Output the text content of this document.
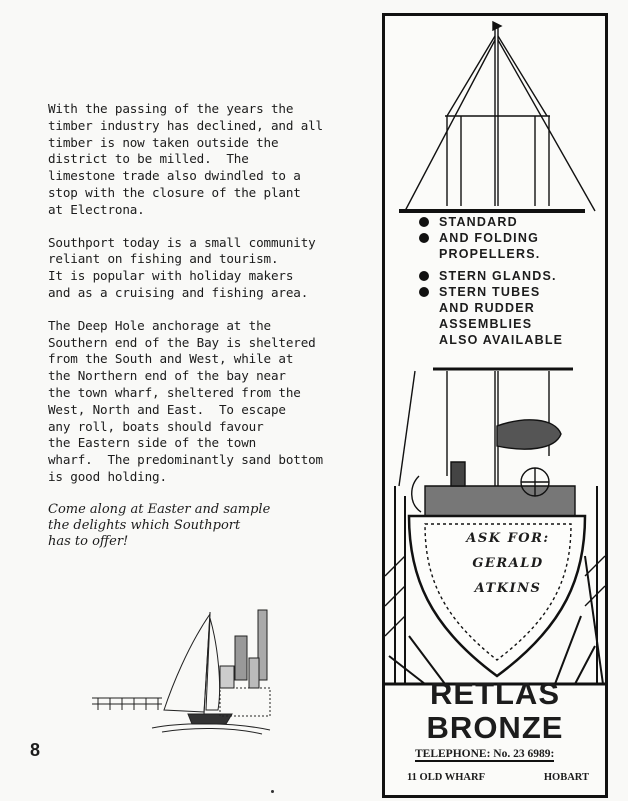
With the passing of the years the
timber industry has declined, and all
timber is now taken outside the
district to be milled.  The
limestone trade also dwindled to a
stop with the closure of the plant
at Electrona.

Southport today is a small community
reliant on fishing and tourism.
It is popular with holiday makers
and as a cruising and fishing area.

The Deep Hole anchorage at the
Southern end of the Bay is sheltered
from the South and West, while at
the Northern end of the bay near
the town wharf, sheltered from the
West, North and East.  To escape
any roll, boats should favour
the Eastern side of the town
wharf.  The predominantly sand bottom
is good holding.

Come along at Easter and sample
the delights which Southport
has to offer!
8
STANDARD
AND FOLDING
PROPELLERS.
STERN GLANDS.
STERN TUBES
AND RUDDER
ASSEMBLIES
ALSO AVAILABLE
ASK FOR:
GERALD
ATKINS
RETLAS
BRONZE
TELEPHONE: No. 23 6989:
11 OLD WHARF	HOBART
